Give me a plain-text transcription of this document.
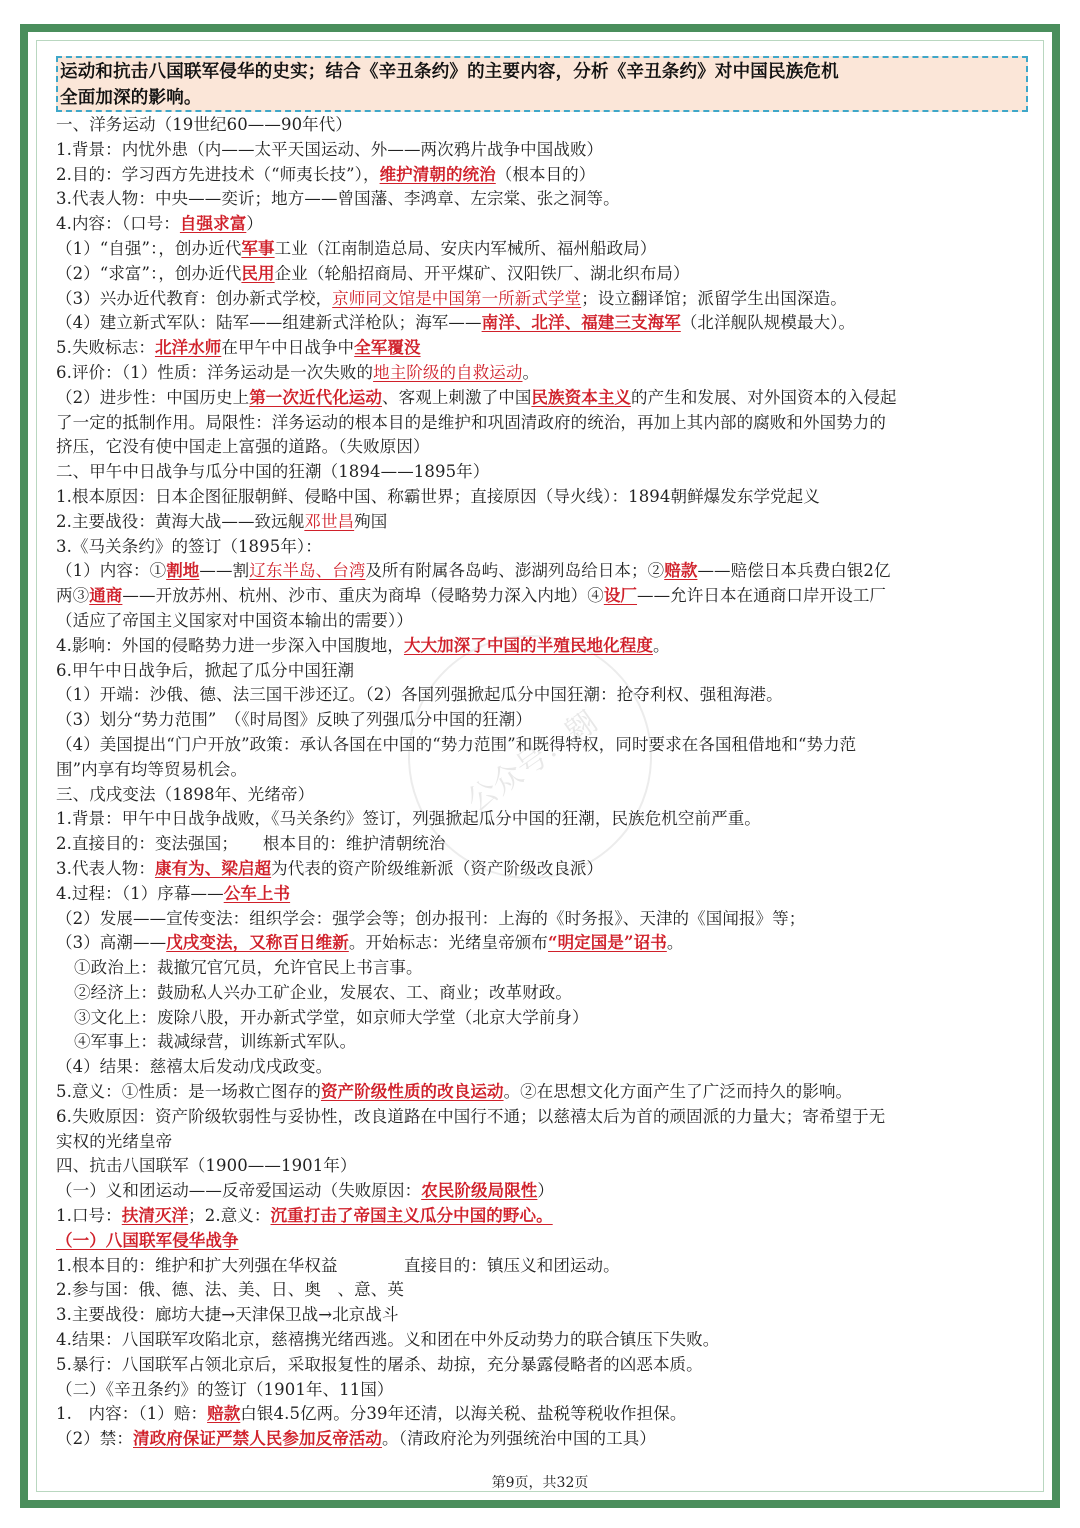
公众号：翱
运动和抗击八国联军侵华的史实；结合《辛丑条约》的主要内容，分析《辛丑条约》对中国民族危机
全面加深的影响。
一、洋务运动（19世纪60——90年代）
1.背景：内忧外患（内——太平天国运动、外——两次鸦片战争中国战败）
2.目的：学习西方先进技术（“师夷长技”），维护清朝的统治（根本目的）
3.代表人物：中央——奕䜣；地方——曾国藩、李鸿章、左宗棠、张之洞等。
4.内容：（口号：自强求富）
（1）“自强”：，创办近代军事工业（江南制造总局、安庆内军械所、福州船政局）
（2）“求富”：，创办近代民用企业（轮船招商局、开平煤矿、汉阳铁厂、湖北织布局）
（3）兴办近代教育：创办新式学校，京师同文馆是中国第一所新式学堂；设立翻译馆；派留学生出国深造。
（4）建立新式军队：陆军——组建新式洋枪队；海军——南洋、北洋、福建三支海军（北洋舰队规模最大）。
5.失败标志：北洋水师在甲午中日战争中全军覆没
6.评价：（1）性质：洋务运动是一次失败的地主阶级的自救运动。
（2）进步性：中国历史上第一次近代化运动、客观上刺激了中国民族资本主义的产生和发展、对外国资本的入侵起
了一定的抵制作用。局限性：洋务运动的根本目的是维护和巩固清政府的统治，再加上其内部的腐败和外国势力的
挤压，它没有使中国走上富强的道路。（失败原因）
二、甲午中日战争与瓜分中国的狂潮（1894——1895年）
1.根本原因：日本企图征服朝鲜、侵略中国、称霸世界；直接原因（导火线）：1894朝鲜爆发东学党起义
2.主要战役：黄海大战——致远舰邓世昌殉国
3.《马关条约》的签订（1895年）：
（1）内容：①割地——割辽东半岛、台湾及所有附属各岛屿、澎湖列岛给日本；②赔款——赔偿日本兵费白银2亿
两③通商——开放苏州、杭州、沙市、重庆为商埠（侵略势力深入内地）④设厂——允许日本在通商口岸开设工厂
（适应了帝国主义国家对中国资本输出的需要））
4.影响：外国的侵略势力进一步深入中国腹地，大大加深了中国的半殖民地化程度。
6.甲午中日战争后，掀起了瓜分中国狂潮
（1）开端：沙俄、德、法三国干涉还辽。（2）各国列强掀起瓜分中国狂潮：抢夺利权、强租海港。
（3）划分“势力范围”　（《时局图》反映了列强瓜分中国的狂潮）
（4）美国提出“门户开放”政策：承认各国在中国的“势力范围”和既得特权，同时要求在各国租借地和“势力范
围”内享有均等贸易机会。
三、戊戌变法（1898年、光绪帝）
1.背景：甲午中日战争战败，《马关条约》签订，列强掀起瓜分中国的狂潮，民族危机空前严重。
2.直接目的：变法强国；　　根本目的：维护清朝统治
3.代表人物：康有为、梁启超为代表的资产阶级维新派（资产阶级改良派）
4.过程：（1）序幕——公车上书
（2）发展——宣传变法：组织学会：强学会等；创办报刊：上海的《时务报》、天津的《国闻报》等；
（3）高潮——戊戌变法，又称百日维新。开始标志：光绪皇帝颁布“明定国是”诏书。
①政治上：裁撤冗官冗员，允许官民上书言事。
②经济上：鼓励私人兴办工矿企业，发展农、工、商业；改革财政。
③文化上：废除八股，开办新式学堂，如京师大学堂（北京大学前身）
④军事上：裁减绿营，训练新式军队。
（4）结果：慈禧太后发动戊戌政变。
5.意义：①性质：是一场救亡图存的资产阶级性质的改良运动。②在思想文化方面产生了广泛而持久的影响。
6.失败原因：资产阶级软弱性与妥协性，改良道路在中国行不通；以慈禧太后为首的顽固派的力量大；寄希望于无
实权的光绪皇帝
四、抗击八国联军（1900——1901年）
（一）义和团运动——反帝爱国运动（失败原因：农民阶级局限性）
1.口号：扶清灭洋；2.意义：沉重打击了帝国主义瓜分中国的野心。
（一）八国联军侵华战争
1.根本目的：维护和扩大列强在华权益　　　　直接目的：镇压义和团运动。
2.参与国：俄、德、法、美、日、奥　、意、英
3.主要战役：廊坊大捷→天津保卫战→北京战斗
4.结果：八国联军攻陷北京，慈禧携光绪西逃。义和团在中外反动势力的联合镇压下失败。
5.暴行：八国联军占领北京后，采取报复性的屠杀、劫掠，充分暴露侵略者的凶恶本质。
（二）《辛丑条约》的签订（1901年、11国）
1.　内容：（1）赔：赔款白银4.5亿两。分39年还清，以海关税、盐税等税收作担保。
（2）禁：清政府保证严禁人民参加反帝活动。（清政府沦为列强统治中国的工具）
第9页，共32页
